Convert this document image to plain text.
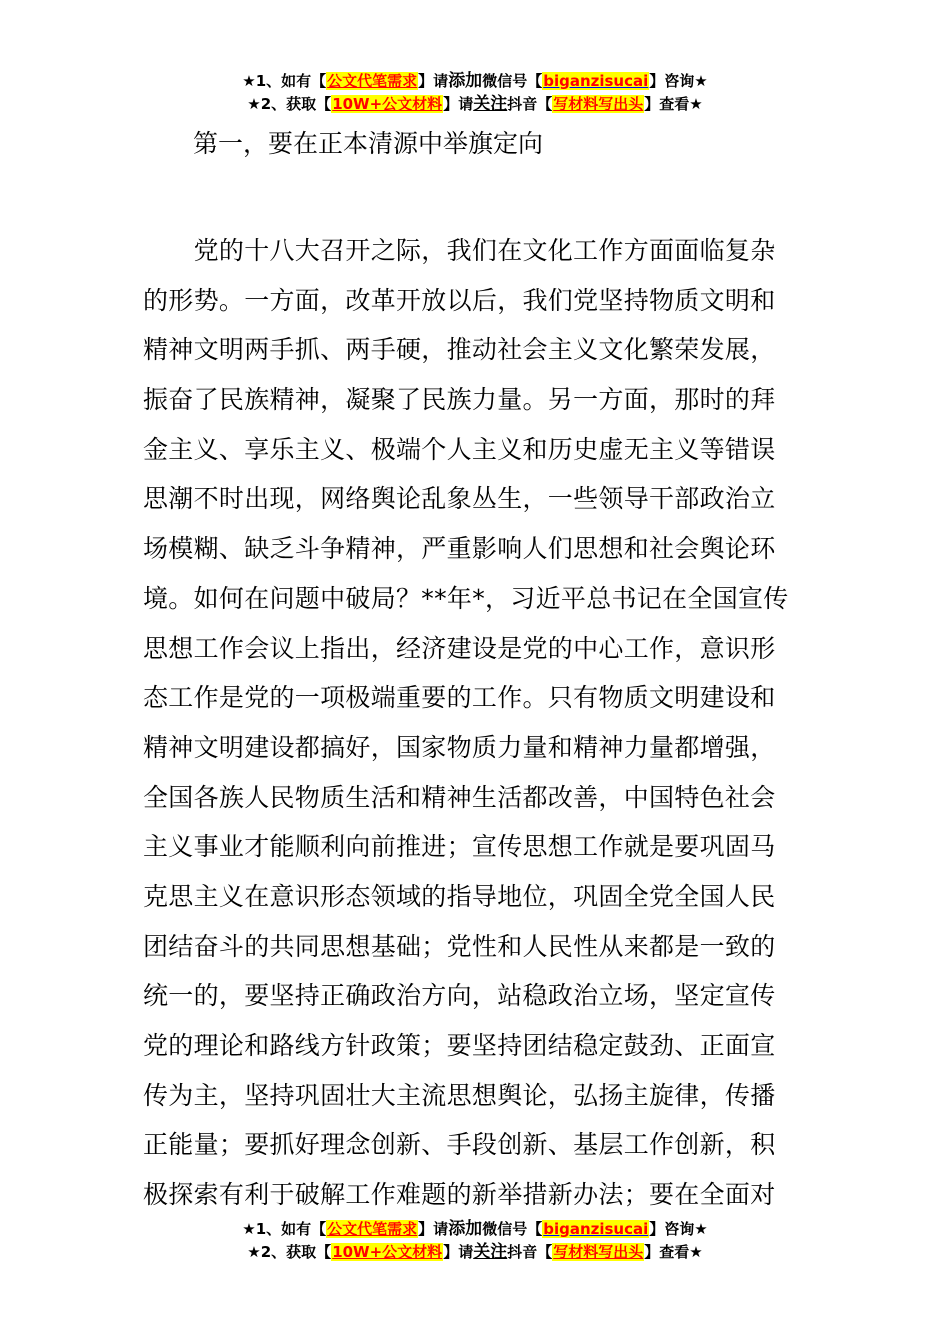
★1、如有【公文代笔需求】请添加微信号【biganzisucai】咨询★
★2、获取【10W+公文材料】请关注抖音【写材料写出头】查看★
第一，要在正本清源中举旗定向
　　党的十八大召开之际，我们在文化工作方面面临复杂
的形势。一方面，改革开放以后，我们党坚持物质文明和
精神文明两手抓、两手硬，推动社会主义文化繁荣发展，
振奋了民族精神，凝聚了民族力量。另一方面，那时的拜
金主义、享乐主义、极端个人主义和历史虚无主义等错误
思潮不时出现，网络舆论乱象丛生，一些领导干部政治立
场模糊、缺乏斗争精神，严重影响人们思想和社会舆论环
境。如何在问题中破局？**年*，习近平总书记在全国宣传
思想工作会议上指出，经济建设是党的中心工作，意识形
态工作是党的一项极端重要的工作。只有物质文明建设和
精神文明建设都搞好，国家物质力量和精神力量都增强，
全国各族人民物质生活和精神生活都改善，中国特色社会
主义事业才能顺利向前推进；宣传思想工作就是要巩固马
克思主义在意识形态领域的指导地位，巩固全党全国人民
团结奋斗的共同思想基础；党性和人民性从来都是一致的
统一的，要坚持正确政治方向，站稳政治立场，坚定宣传
党的理论和路线方针政策；要坚持团结稳定鼓劲、正面宣
传为主，坚持巩固壮大主流思想舆论，弘扬主旋律，传播
正能量；要抓好理念创新、手段创新、基层工作创新，积
极探索有利于破解工作难题的新举措新办法；要在全面对
★1、如有【公文代笔需求】请添加微信号【biganzisucai】咨询★
★2、获取【10W+公文材料】请关注抖音【写材料写出头】查看★
